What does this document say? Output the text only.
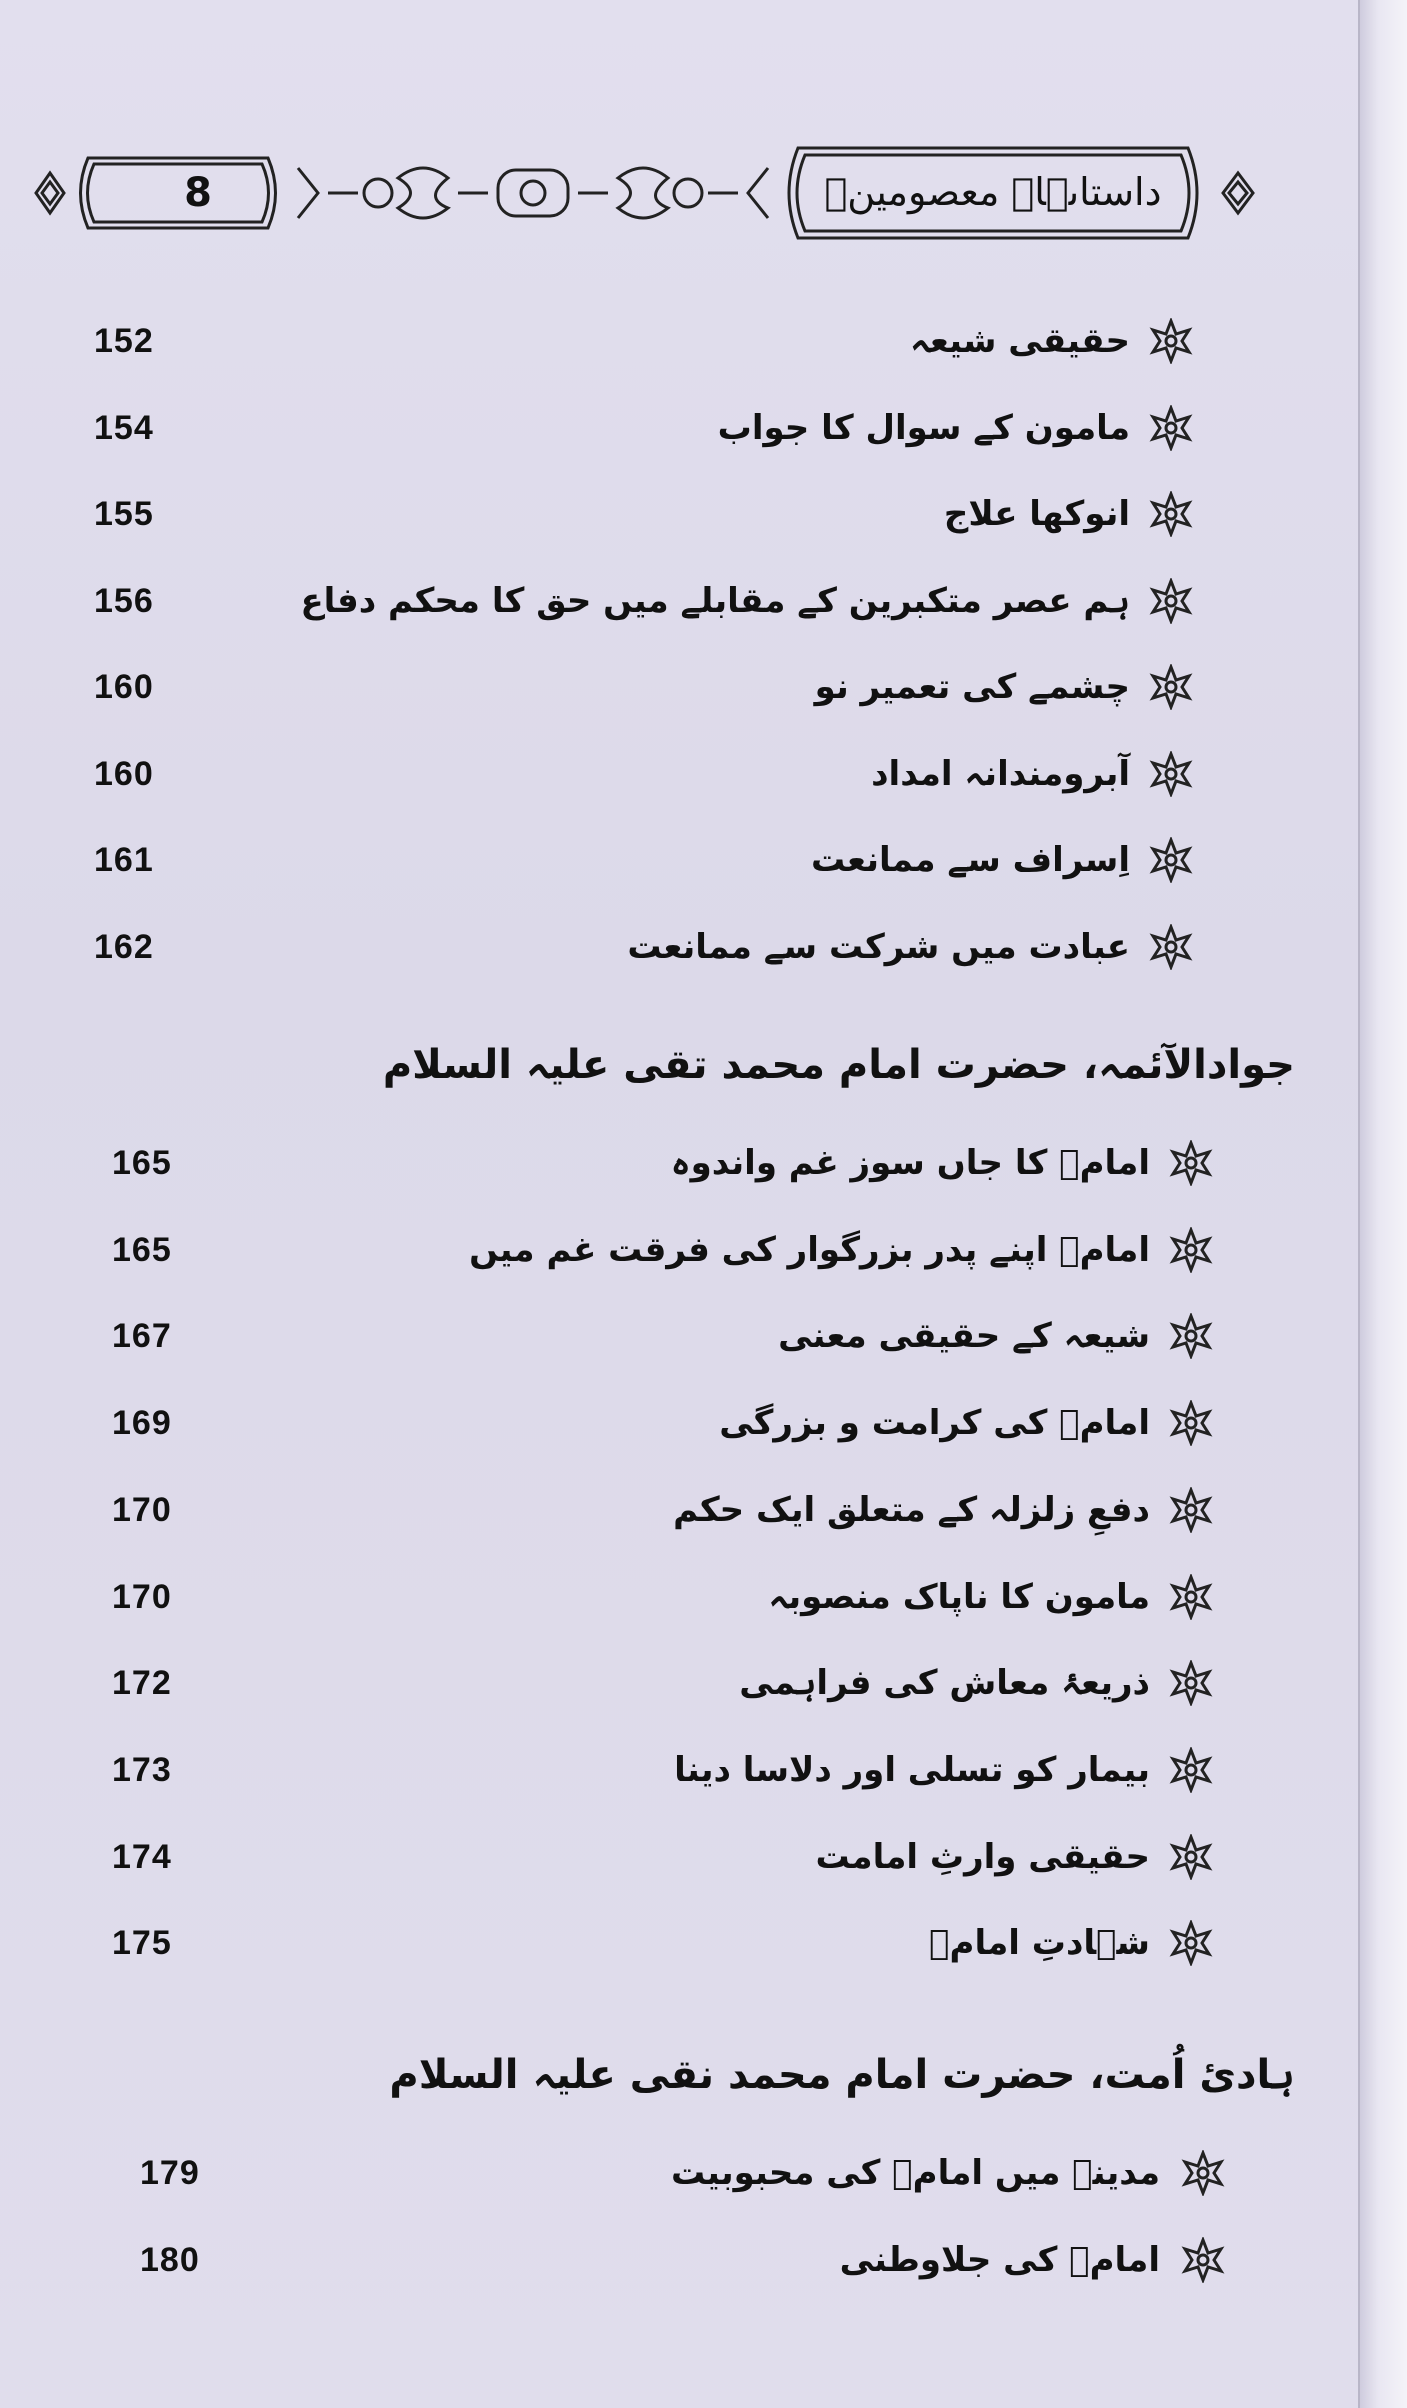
8	داستاںہاے معصومینؑ
152	حقیقی شیعہ
154	مامون کے سوال کا جواب
155	انوکھا علاج
156	ہم عصر متکبرین کے مقابلے میں حق کا محکم دفاع
160	چشمے کی تعمیر نو
160	آبرومندانہ امداد
161	اِسراف سے ممانعت
162	عبادت میں شرکت سے ممانعت
جوادالآئمہ، حضرت امام محمد تقی علیہ السلام
165	امامؑ کا جاں سوز غم واندوہ
165	امامؑ اپنے پدر بزرگوار کی فرقت غم میں
167	شیعہ کے حقیقی معنی
169	امامؑ کی کرامت و بزرگی
170	دفعِ زلزلہ کے متعلق ایک حکم
170	مامون کا ناپاک منصوبہ
172	ذریعۂ معاش کی فراہمی
173	بیمار کو تسلی اور دلاسا دینا
174	حقیقی وارثِ امامت
175	شہادتِ امامؑ
ہادیٔ اُمت، حضرت امام محمد نقی علیہ السلام
179	مدینہ میں امامؑ کی محبوبیت
180	امامؑ کی جلاوطنی
